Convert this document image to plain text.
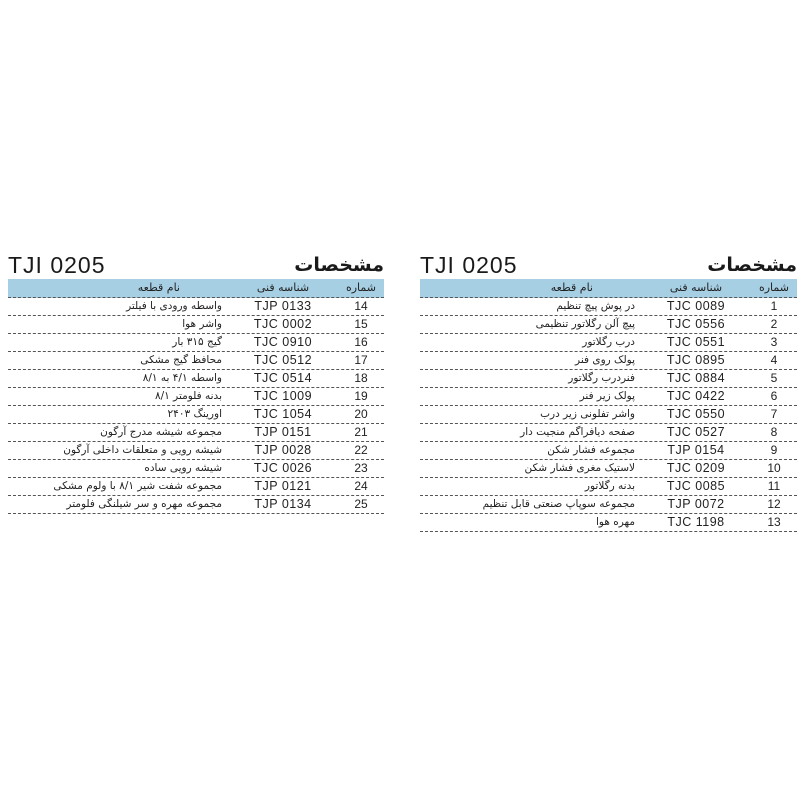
TJI 0205	مشخصات
شماره
شناسه فنی
نام قطعه
14
TJP 0133
واسطه ورودی با فیلتر
15
TJC 0002
واشر هوا
16
TJC 0910
گیج ۳۱۵ بار
17
TJC 0512
محافظ گیج مشکی
18
TJC 0514
واسطه ۴/۱ به ۸/۱
19
TJC 1009
بدنه فلومتر ۸/۱
20
TJC 1054
اورینگ ۲۴۰۳
21
TJP 0151
مجموعه شیشه مدرج آرگون
22
TJP 0028
شیشه رویی و متعلقات داخلی آرگون
23
TJC 0026
شیشه رویی ساده
24
TJP 0121
مجموعه شفت شیر ۸/۱ با ولوم مشکی
25
TJP 0134
مجموعه مهره و سر شیلنگی فلومتر
TJI 0205	مشخصات
شماره
شناسه فنی
نام قطعه
1
TJC 0089
در پوش پیچ تنظیم
2
TJC 0556
پیچ آلن رگلاتور تنظیمی
3
TJC 0551
درب رگلاتور
4
TJC 0895
پولک روی فنر
5
TJC 0884
فنردرب رگلاتور
6
TJC 0422
پولک زیر فنر
7
TJC 0550
واشر تفلونی زیر درب
8
TJC 0527
صفحه دیافراگم منجیت دار
9
TJP 0154
مجموعه فشار شکن
10
TJC 0209
لاستیک مغری فشار شکن
11
TJC 0085
بدنه رگلاتور
12
TJP 0072
مجموعه سوپاپ صنعتی قابل تنظیم
13
TJC 1198
مهره هوا
